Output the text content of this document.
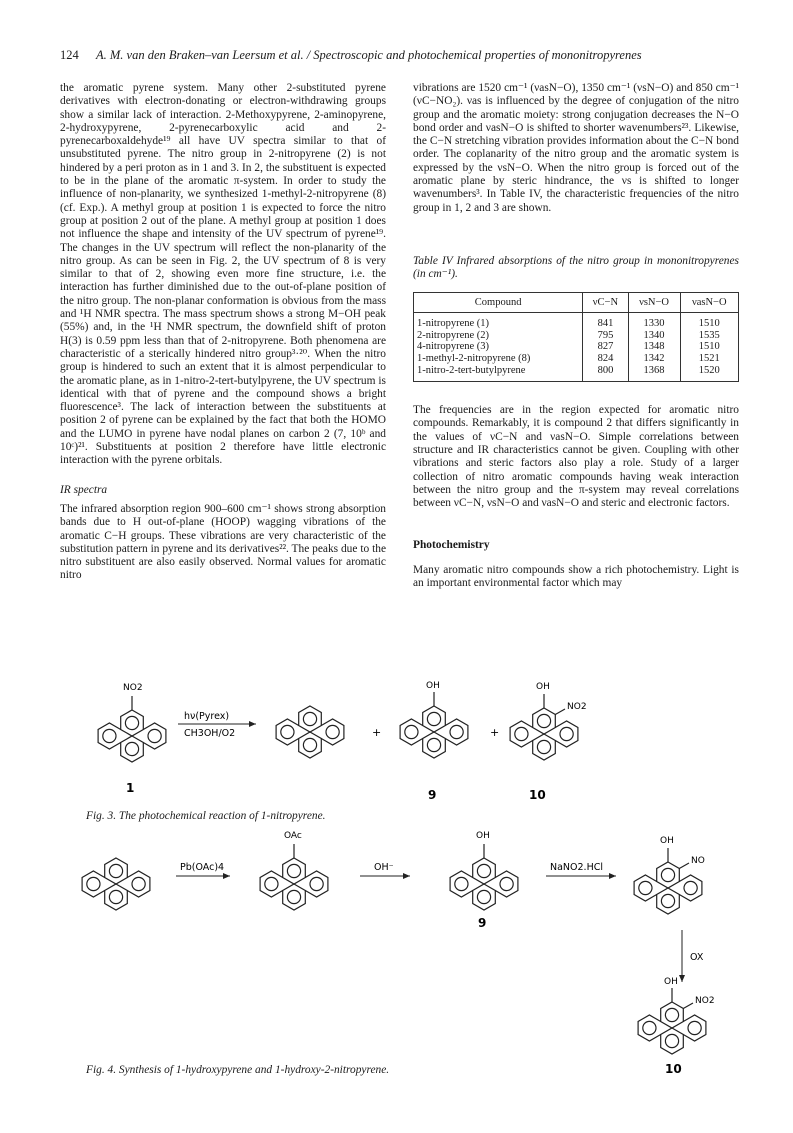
124 A. M. van den Braken–van Leersum et al. / Spectroscopic and photochemical properties of mononitropyrenes

the aromatic pyrene system. Many other 2-substituted pyrene derivatives with electron-donating or electron-withdrawing groups show a similar lack of interaction. 2-Methoxypyrene, 2-aminopyrene, 2-hydroxypyrene, 2-pyrenecarboxylic acid and 2-pyrenecarboxaldehyde¹⁹ all have UV spectra similar to that of unsubstituted pyrene. The nitro group in 2-nitropyrene (2) is not hindered by a peri proton as in 1 and 3. In 2, the substituent is expected to be in the plane of the aromatic π-system. In order to study the influence of non-planarity, we synthesized 1-methyl-2-nitropyrene (8) (cf. Exp.). A methyl group at position 1 is expected to force the nitro group at position 2 out of the plane. A methyl group at position 1 does not influence the shape and intensity of the UV spectrum of pyrene¹⁹. The changes in the UV spectrum will reflect the non-planarity of the nitro group. As can be seen in Fig. 2, the UV spectrum of 8 is very similar to that of 2, showing even more fine structure, i.e. the interaction has further diminished due to the out-of-plane position of the nitro group. The non-planar conformation is obvious from the mass and ¹H NMR spectra. The mass spectrum shows a strong M−OH peak (55%) and, in the ¹H NMR spectrum, the downfield shift of proton H(3) is 0.59 ppm less than that of 2-nitropyrene. Both phenomena are characteristic of a sterically hindered nitro group³·²⁰. When the nitro group is hindered to such an extent that it is almost perpendicular to the aromatic plane, as in 1-nitro-2-tert-butylpyrene, the UV spectrum is identical with that of pyrene and the compound shows a bright fluorescence³. The lack of interaction between the substituents at position 2 of pyrene can be explained by the fact that both the HOMO and the LUMO in pyrene have nodal planes on carbon 2 (7, 10ᵇ and 10ᶜ)²¹. Substituents at position 2 therefore have little electronic interaction with the pyrene orbitals.

IR spectra

The infrared absorption region 900–600 cm⁻¹ shows strong absorption bands due to H out-of-plane (HOOP) wagging vibrations of the aromatic C−H groups. These vibrations are very characteristic of the substitution pattern in pyrene and its derivatives²². The peaks due to the nitro substituent are also easily observed. Normal values for aromatic nitro

vibrations are 1520 cm⁻¹ (νasN−O), 1350 cm⁻¹ (νsN−O) and 850 cm⁻¹ (νC−NO₂). νas is influenced by the degree of conjugation of the nitro group and the aromatic moiety: strong conjugation decreases the N−O bond order and νasN−O is shifted to shorter wavenumbers²³. Likewise, the C−N stretching vibration provides information about the C−N bond order. The coplanarity of the nitro group and the aromatic system is expressed by the νsN−O. When the nitro group is forced out of the aromatic plane by steric hindrance, the νs is shifted to longer wavenumbers³. In Table IV, the characteristic frequencies of the nitro group in 1, 2 and 3 are shown.

Table IV Infrared absorptions of the nitro group in mononitropyrenes (in cm⁻¹).

Compound	νC−N	νsN−O	νasN−O
1-nitropyrene (1)	841	1330	1510
2-nitropyrene (2)	795	1340	1535
4-nitropyrene (3)	827	1348	1510
1-methyl-2-nitropyrene (8)	824	1342	1521
1-nitro-2-tert-butylpyrene	800	1368	1520

The frequencies are in the region expected for aromatic nitro compounds. Remarkably, it is compound 2 that differs significantly in the values of νC−N and νasN−O. Simple correlations between structure and IR characteristics cannot be given. Coupling with other vibrations and steric factors also play a role. Study of a larger collection of nitro aromatic compounds having weak interaction between the nitro group and the π-system may reveal correlations between νC−N, νsN−O and νasN−O and steric and electronic factors.

Photochemistry

Many aromatic nitro compounds show a rich photochemistry. Light is an important environmental factor which may

NO2
1
hν(Pyrex)
CH3OH/O2	+
OH
9
+
OH
NO2
10
Pb(OAc)4
OAc
OH⁻
OH
9
NaNO2.HCl
OH
NO
OX
OH
NO2
10
Fig. 3. The photochemical reaction of 1-nitropyrene.
Fig. 4. Synthesis of 1-hydroxypyrene and 1-hydroxy-2-nitropyrene.
